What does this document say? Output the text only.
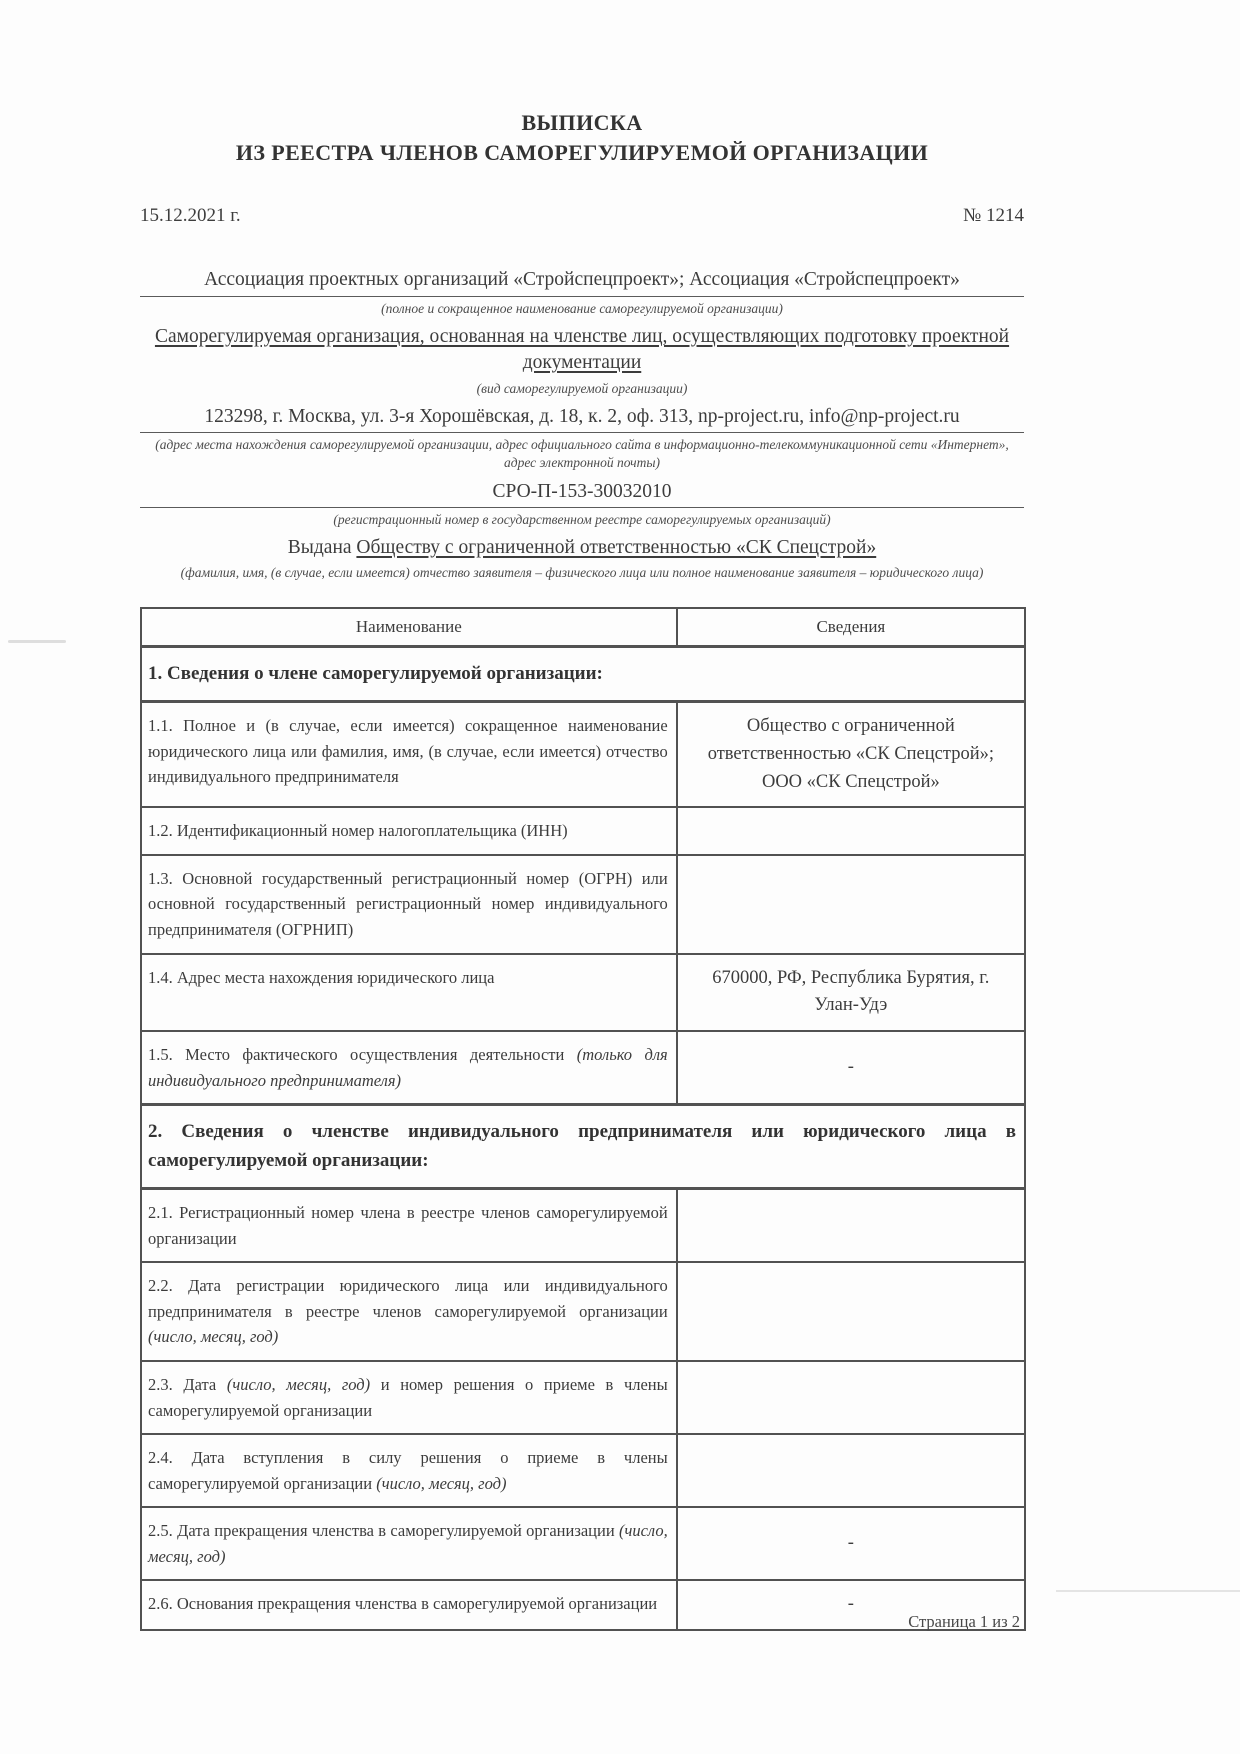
ВЫПИСКА
ИЗ РЕЕСТРА ЧЛЕНОВ САМОРЕГУЛИРУЕМОЙ ОРГАНИЗАЦИИ
15.12.2021 г.	№ 1214
Ассоциация проектных организаций «Стройспецпроект»; Ассоциация «Стройспецпроект»
(полное и сокращенное наименование саморегулируемой организации)
Саморегулируемая организация, основанная на членстве лиц, осуществляющих подготовку проектной документации
(вид саморегулируемой организации)
123298, г. Москва, ул. 3-я Хорошёвская, д. 18, к. 2, оф. 313, np-project.ru, info@np-project.ru
(адрес места нахождения саморегулируемой организации, адрес официального сайта в информационно-телекоммуникационной сети «Интернет», адрес электронной почты)
СРО-П-153-30032010
(регистрационный номер в государственном реестре саморегулируемых организаций)
Выдана Обществу с ограниченной ответственностью «СК Спецстрой»
(фамилия, имя, (в случае, если имеется) отчество заявителя – физического лица или полное наименование заявителя – юридического лица)
Наименование	Сведения
1. Сведения о члене саморегулируемой организации:	
1.1. Полное и (в случае, если имеется) сокращенное наименование юридического лица или фамилия, имя, (в случае, если имеется) отчество индивидуального предпринимателя	Общество с ограниченной ответственностью «СК Спецстрой»; ООО «СК Спецстрой»
1.2. Идентификационный номер налогоплательщика (ИНН)	
1.3. Основной государственный регистрационный номер (ОГРН) или основной государственный регистрационный номер индивидуального предпринимателя (ОГРНИП)	
1.4. Адрес места нахождения юридического лица	670000, РФ, Республика Бурятия, г. Улан-Удэ
1.5. Место фактического осуществления деятельности (только для индивидуального предпринимателя)	-
2. Сведения о членстве индивидуального предпринимателя или юридического лица в саморегулируемой организации:	
2.1. Регистрационный номер члена в реестре членов саморегулируемой организации	
2.2. Дата регистрации юридического лица или индивидуального предпринимателя в реестре членов саморегулируемой организации (число, месяц, год)	
2.3. Дата (число, месяц, год) и номер решения о приеме в члены саморегулируемой организации	
2.4. Дата вступления в силу решения о приеме в члены саморегулируемой организации (число, месяц, год)	
2.5. Дата прекращения членства в саморегулируемой организации (число, месяц, год)	-
2.6. Основания прекращения членства в саморегулируемой организации	-
Страница 1 из 2
